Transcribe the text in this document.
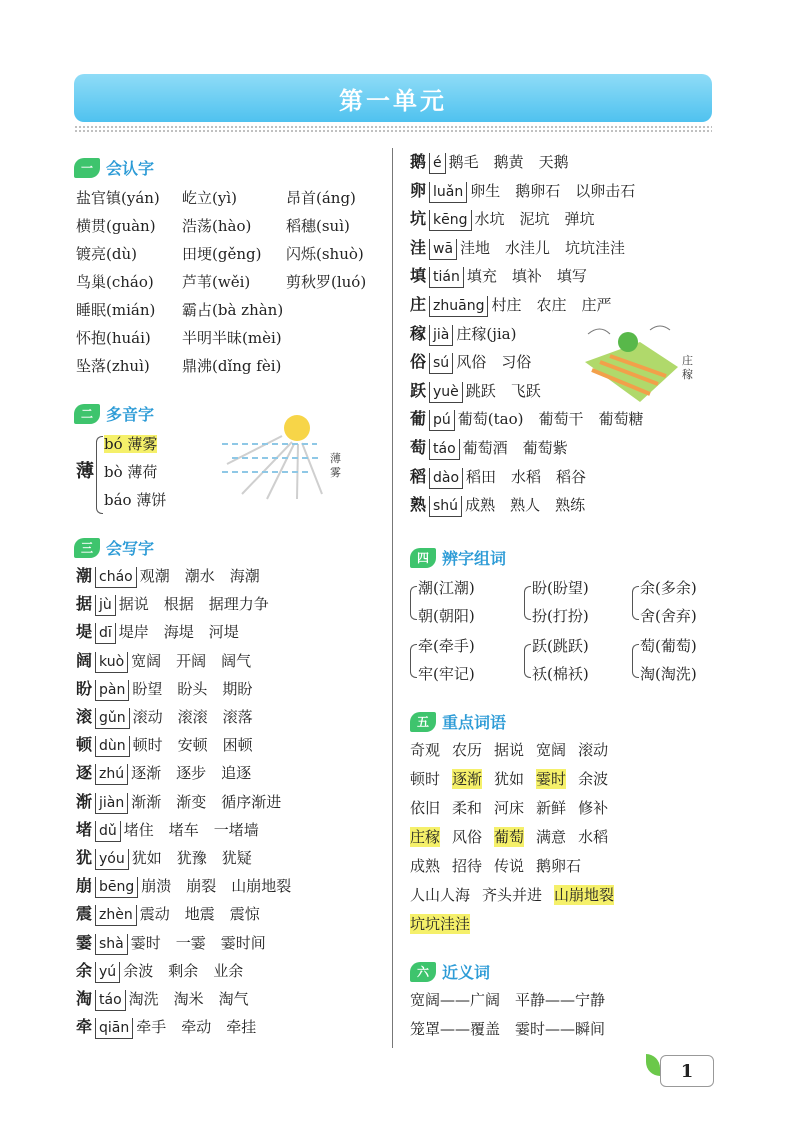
第一单元
一 会认字
盐官镇(yán) 屹立(yì)	昂首(áng)
横贯(guàn) 浩荡(hào) 稻穗(suì)
镀亮(dù)	田埂(gěng) 闪烁(shuò)
鸟巢(cháo) 芦苇(wěi) 剪秋罗(luó)
睡眠(mián) 霸占(bà zhàn)
怀抱(huái) 半明半昧(mèi)
坠落(zhuì) 鼎沸(dǐng fèi)
二 多音字
薄
bó 薄雾
bò 薄荷
báo 薄饼
薄
雾
三 会写字
潮 cháo 观潮　潮水　海潮
据 jù 据说　根据　据理力争
堤 dī 堤岸　海堤　河堤
阔 kuò 宽阔　开阔　阔气
盼 pàn 盼望　盼头　期盼
滚 gǔn 滚动　滚滚　滚落
顿 dùn 顿时　安顿　困顿
逐 zhú 逐渐　逐步　追逐
渐 jiàn 渐渐　渐变　循序渐进
堵 dǔ 堵住　堵车　一堵墙
犹 yóu 犹如　犹豫　犹疑
崩 bēng 崩溃　崩裂　山崩地裂
震 zhèn 震动　地震　震惊
霎 shà 霎时　一霎　霎时间
余 yú 余波　剩余　业余
淘 táo 淘洗　淘米　淘气
牵 qiān 牵手　牵动　牵挂
鹅 é 鹅毛　鹅黄　天鹅
卵 luǎn 卵生　鹅卵石　以卵击石
坑 kēng 水坑　泥坑　弹坑
洼 wā 洼地　水洼儿　坑坑洼洼
填 tián 填充　填补　填写
庄 zhuāng 村庄　农庄　庄严
稼 jià 庄稼(jia)
俗 sú 风俗　习俗
跃 yuè 跳跃　飞跃
葡 pú 葡萄(tao)　葡萄干　葡萄糖
萄 táo 葡萄酒　葡萄紫
稻 dào 稻田　水稻　稻谷
熟 shú 成熟　熟人　熟练
庄
稼
四 辨字组词
潮(江潮)
朝(朝阳)
盼(盼望)
扮(打扮)
余(多余)
舍(舍弃)
牵(牵手)
牢(牢记)
跃(跳跃)
袄(棉袄)
萄(葡萄)
淘(淘洗)
五 重点词语
奇观 农历 据说 宽阔 滚动
顿时 逐渐 犹如 霎时 余波
依旧 柔和 河床 新鲜 修补
庄稼 风俗 葡萄 满意 水稻
成熟 招待 传说 鹅卵石
人山人海 齐头并进 山崩地裂
坑坑洼洼
六 近义词
宽阔——广阔　平静——宁静
笼罩——覆盖　霎时——瞬间
1
